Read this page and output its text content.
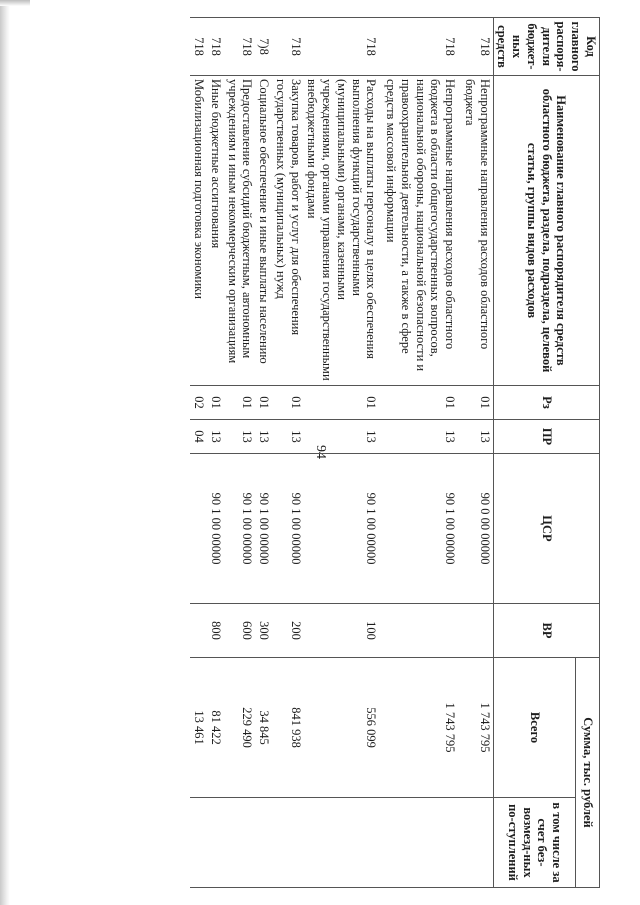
94
Код главного распоря-дителя бюджет-ных средств	Наименование главного распорядителя средств областного бюджета, раздела, подраздела, целевой статьи, группы видов расходов	Рз	ПР	ЦСР	ВР	Сумма, тыс. рублей	
						Всего	в том числе за счет без-возмезд-ных по-ступлений
718	Непрограммные направления расходов областного бюджета	01	13	90 0 00 00000		1 743 795	
718	Непрограммные направления расходов областного бюджета в области общегосударственных вопросов, национальной обороны, национальной безопасности и правоохранительной деятельности, а также в сфере средств массовой информации	01	13	90 1 00 00000		1 743 795	
718	Расходы на выплаты персоналу в целях обеспечения выполнения функций государственными (муниципальными) органами, казенными учреждениями, органами управления государственными внебюджетными фондами	01	13	90 1 00 00000	100	556 099	
718	Закупка товаров, работ и услуг для обеспечения государственных (муниципальных) нужд	01	13	90 1 00 00000	200	841 938	
7)8	Социальное обеспечение и иные выплаты населению	01	13	90 1 00 00000	300	34 845	
718	Предоставление субсидий бюджетным, автономным учреждениям и иным некоммерческим организациям	01	13	90 1 00 00000	600	229 490	
718	Иные бюджетные ассигнования	01	13	90 1 00 00000	800	81 422	
718	Мобилизационная подготовка экономики	02	04			13 461	
